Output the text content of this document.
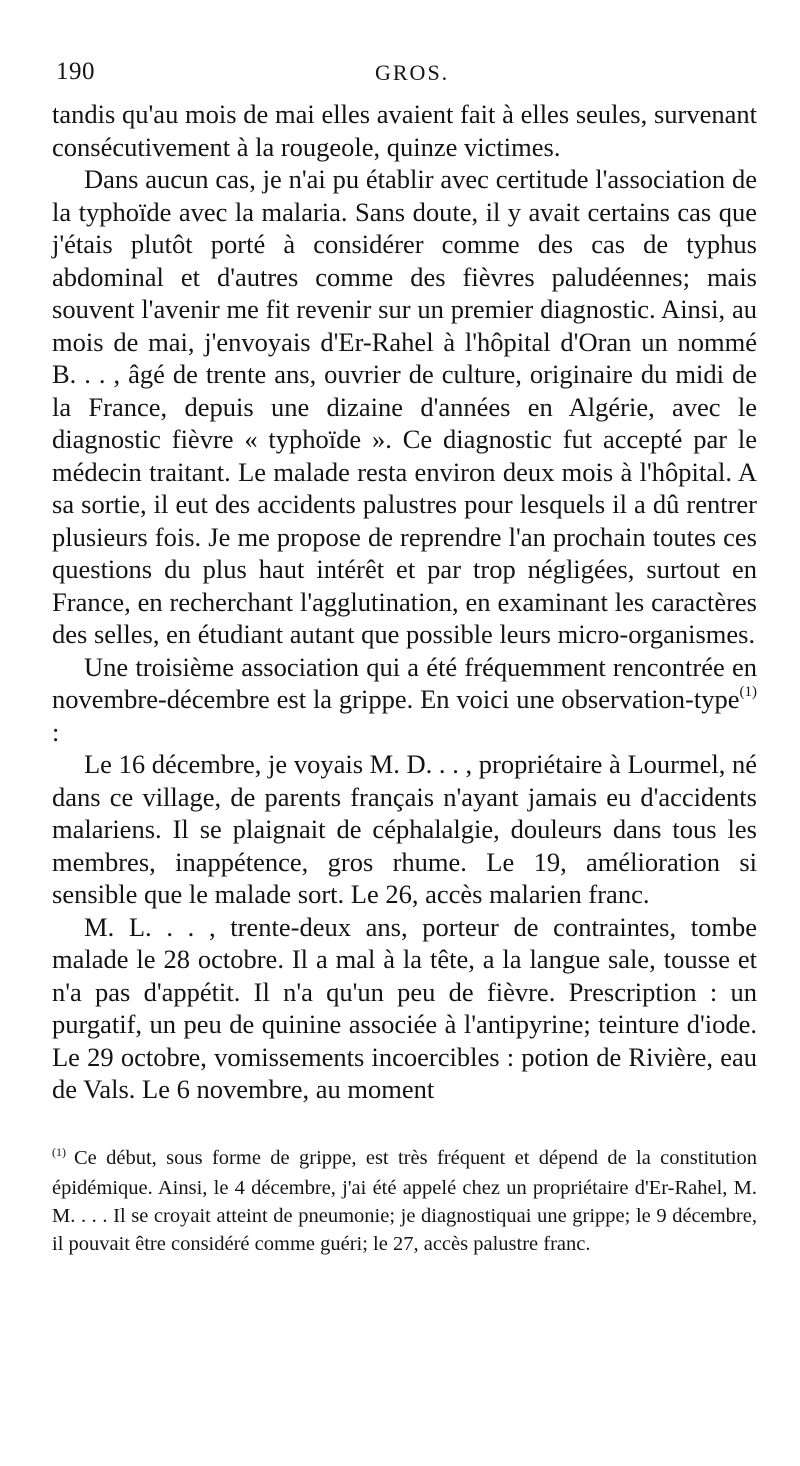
190	GROS.

tandis qu'au mois de mai elles avaient fait à elles seules, survenant consécutivement à la rougeole, quinze victimes.

Dans aucun cas, je n'ai pu établir avec certitude l'association de la typhoïde avec la malaria. Sans doute, il y avait certains cas que j'étais plutôt porté à considérer comme des cas de typhus abdominal et d'autres comme des fièvres paludéennes; mais souvent l'avenir me fit revenir sur un premier diagnostic. Ainsi, au mois de mai, j'envoyais d'Er-Rahel à l'hôpital d'Oran un nommé B. . . , âgé de trente ans, ouvrier de culture, originaire du midi de la France, depuis une dizaine d'années en Algérie, avec le diagnostic fièvre « typhoïde ». Ce diagnostic fut accepté par le médecin traitant. Le malade resta environ deux mois à l'hôpital. A sa sortie, il eut des accidents palustres pour lesquels il a dû rentrer plusieurs fois. Je me propose de reprendre l'an prochain toutes ces questions du plus haut intérêt et par trop négligées, surtout en France, en recherchant l'agglutination, en examinant les caractères des selles, en étudiant autant que possible leurs micro-organismes.

Une troisième association qui a été fréquemment rencontrée en novembre-décembre est la grippe. En voici une observation-type$^{(1)}$ :

Le 16 décembre, je voyais M. D. . . , propriétaire à Lourmel, né dans ce village, de parents français n'ayant jamais eu d'accidents malariens. Il se plaignait de céphalalgie, douleurs dans tous les membres, inappétence, gros rhume. Le 19, amélioration si sensible que le malade sort. Le 26, accès malarien franc.

M. L. . . , trente-deux ans, porteur de contraintes, tombe malade le 28 octobre. Il a mal à la tête, a la langue sale, tousse et n'a pas d'appétit. Il n'a qu'un peu de fièvre. Prescription : un purgatif, un peu de quinine associée à l'antipyrine; teinture d'iode. Le 29 octobre, vomissements incoercibles : potion de Rivière, eau de Vals. Le 6 novembre, au moment

$^{(1)}$ Ce début, sous forme de grippe, est très fréquent et dépend de la constitution épidémique. Ainsi, le 4 décembre, j'ai été appelé chez un propriétaire d'Er-Rahel, M. M. . . . Il se croyait atteint de pneumonie; je diagnostiquai une grippe; le 9 décembre, il pouvait être considéré comme guéri; le 27, accès palustre franc.
